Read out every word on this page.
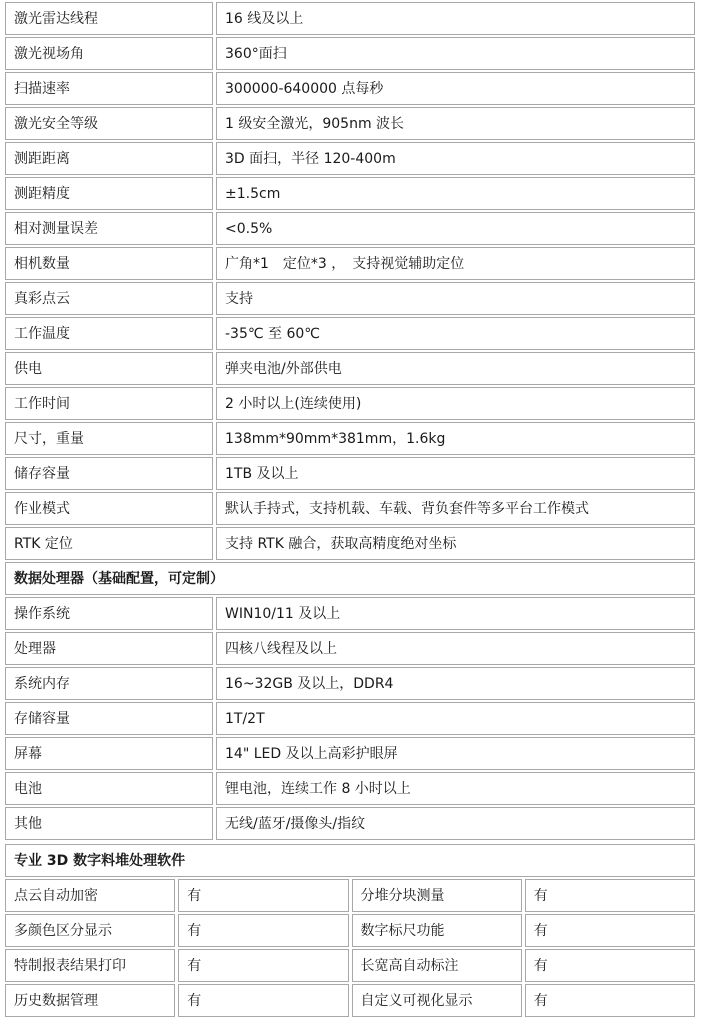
激光雷达线程	16 线及以上
激光视场角	360°面扫
扫描速率	300000-640000 点每秒
激光安全等级	1 级安全激光，905nm 波长
测距距离	3D 面扫，半径 120-400m
测距精度	±1.5cm
相对测量误差	<0.5%
相机数量	广角*1　定位*3 ，　支持视觉辅助定位
真彩点云	支持
工作温度	-35℃ 至 60℃
供电	弹夹电池/外部供电
工作时间	2 小时以上(连续使用)
尺寸，重量	138mm*90mm*381mm，1.6kg
储存容量	1TB 及以上
作业模式	默认手持式，支持机载、车载、背负套件等多平台工作模式
RTK 定位	支持 RTK 融合，获取高精度绝对坐标
数据处理器（基础配置，可定制）	
操作系统	WIN10/11 及以上
处理器	四核八线程及以上
系统内存	16~32GB 及以上，DDR4
存储容量	1T/2T
屏幕	14" LED 及以上高彩护眼屏
电池	锂电池，连续工作 8 小时以上
其他	无线/蓝牙/摄像头/指纹
专业 3D 数字料堆处理软件			
点云自动加密	有	分堆分块测量	有
多颜色区分显示	有	数字标尺功能	有
特制报表结果打印	有	长宽高自动标注	有
历史数据管理	有	自定义可视化显示	有
